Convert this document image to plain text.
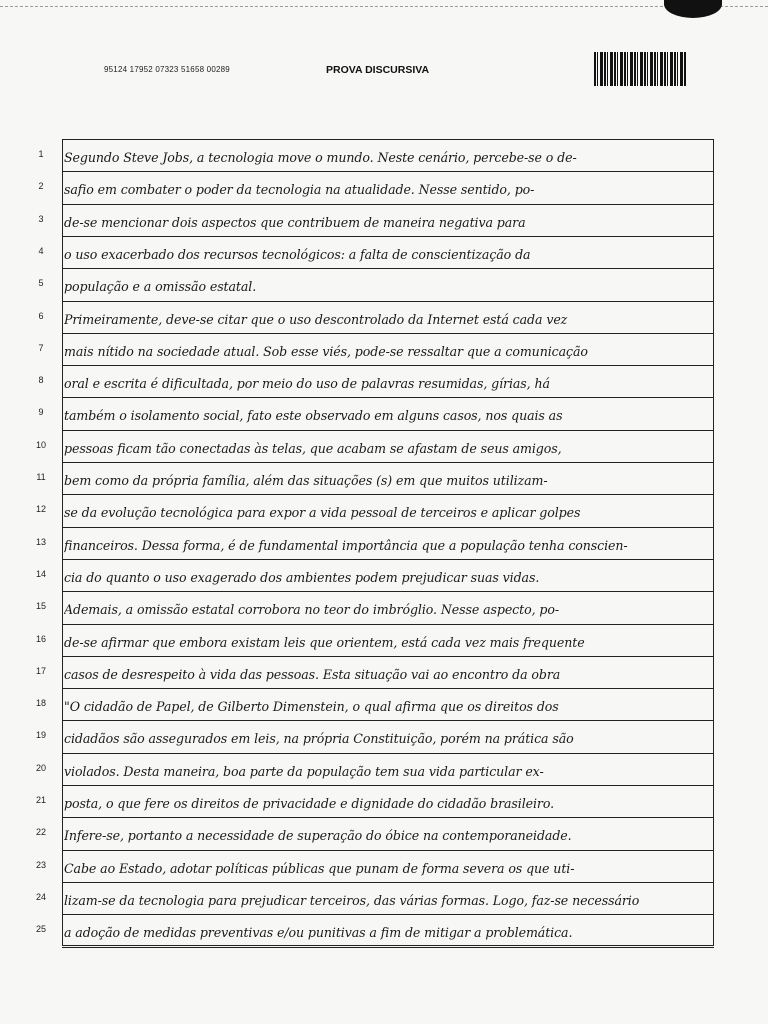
95124 17952 07323 51658 00289	PROVA DISCURSIVA
1	Segundo Steve Jobs, a tecnologia move o mundo. Neste cenário, percebe-se o de-
2	safio em combater o poder da tecnologia na atualidade. Nesse sentido, po-
3	de-se mencionar dois aspectos que contribuem de maneira negativa para
4	o uso exacerbado dos recursos tecnológicos: a falta de conscientização da
5	população e a omissão estatal.
6	Primeiramente, deve-se citar que o uso descontrolado da Internet está cada vez
7	mais nítido na sociedade atual. Sob esse viés, pode-se ressaltar que a comunicação
8	oral e escrita é dificultada, por meio do uso de palavras resumidas, gírias, há
9	também o isolamento social, fato este observado em alguns casos, nos quais as
10	pessoas ficam tão conectadas às telas, que acabam se afastam de seus amigos,
11	bem como da própria família, além das situações (s) em que muitos utilizam-
12	se da evolução tecnológica para expor a vida pessoal de terceiros e aplicar golpes
13	financeiros. Dessa forma, é de fundamental importância que a população tenha conscien-
14	cia do quanto o uso exagerado dos ambientes podem prejudicar suas vidas.
15	Ademais, a omissão estatal corrobora no teor do imbróglio. Nesse aspecto, po-
16	de-se afirmar que embora existam leis que orientem, está cada vez mais frequente
17	casos de desrespeito à vida das pessoas. Esta situação vai ao encontro da obra
18	"O cidadão de Papel, de Gilberto Dimenstein, o qual afirma que os direitos dos
19	cidadãos são assegurados em leis, na própria Constituição, porém na prática são
20	violados. Desta maneira, boa parte da população tem sua vida particular ex-
21	posta, o que fere os direitos de privacidade e dignidade do cidadão brasileiro.
22	Infere-se, portanto a necessidade de superação do óbice na contemporaneidade.
23	Cabe ao Estado, adotar políticas públicas que punam de forma severa os que uti-
24	lizam-se da tecnologia para prejudicar terceiros, das várias formas. Logo, faz-se necessário
25	a adoção de medidas preventivas e/ou punitivas a fim de mitigar a problemática.
